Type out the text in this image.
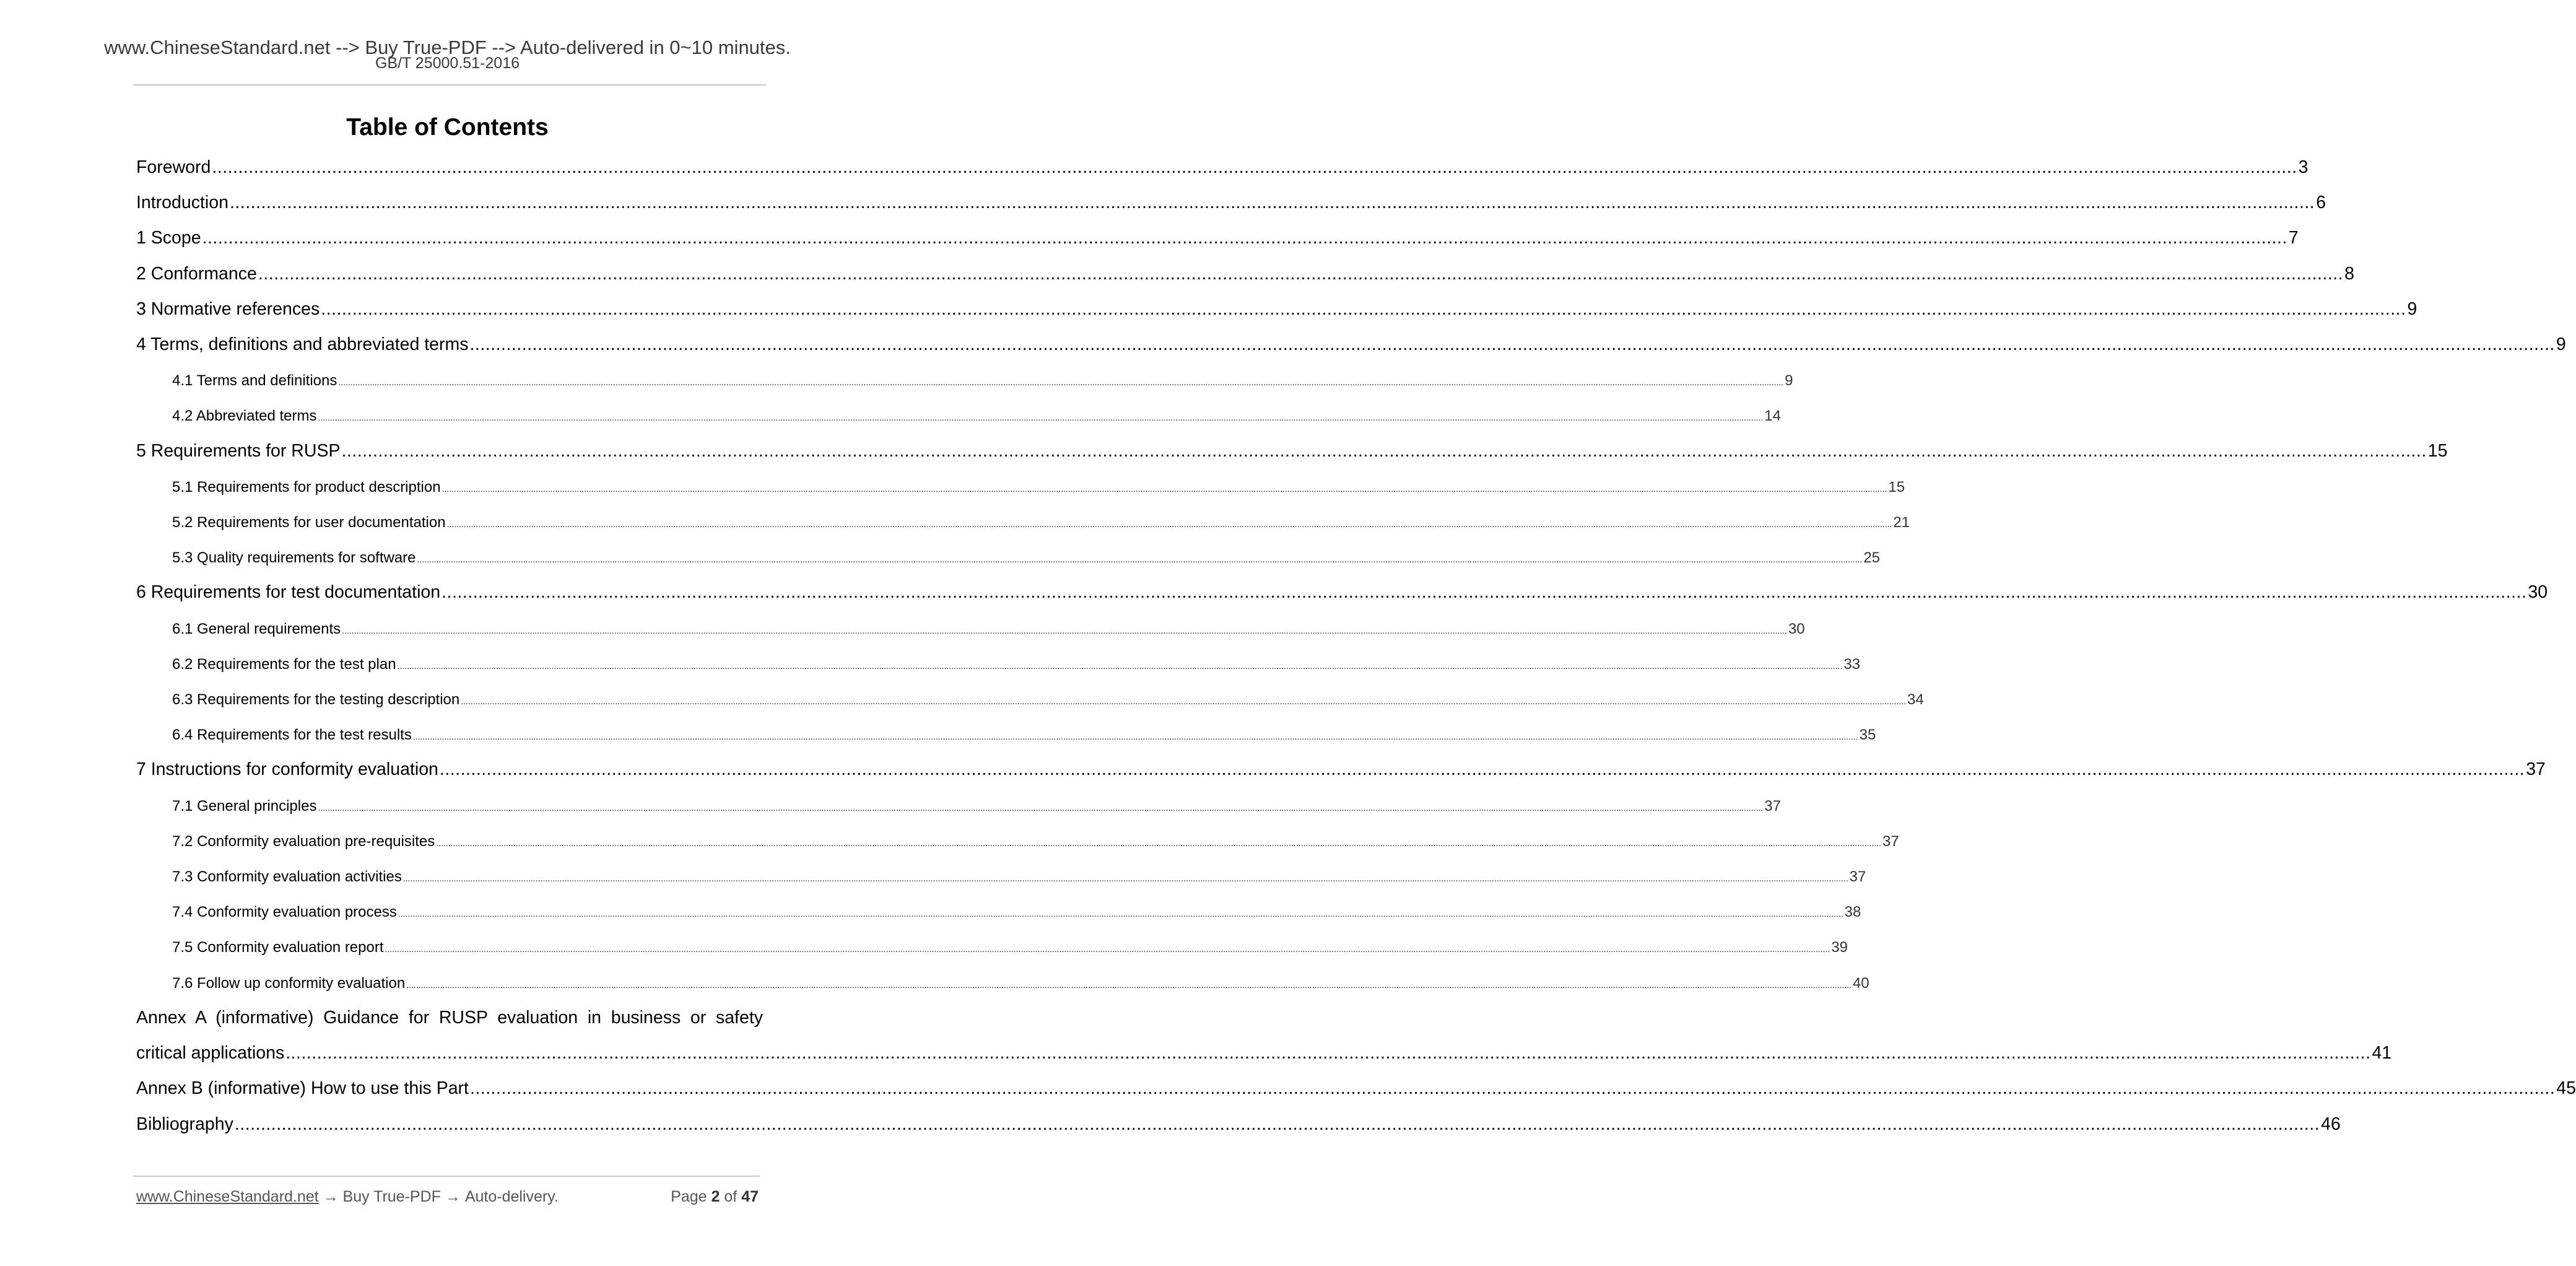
www.ChineseStandard.net --> Buy True-PDF --> Auto-delivered in 0~10 minutes.
GB/T 25000.51-2016
Table of Contents
Foreword ................................................................................................................................................................................................................................................................................................................................................................................................................ 3
Introduction ................................................................................................................................................................................................................................................................................................................................................................................................................ 6
1 Scope ................................................................................................................................................................................................................................................................................................................................................................................................................ 7
2 Conformance ................................................................................................................................................................................................................................................................................................................................................................................................................ 8
3 Normative references ................................................................................................................................................................................................................................................................................................................................................................................................................ 9
4 Terms, definitions and abbreviated terms ................................................................................................................................................................................................................................................................................................................................................................................................................ 9
4.1 Terms and definitions ........................................................................................................................................................................................................................................................................................................................................................................................................................................................................................................................................................................................................................ 9
4.2 Abbreviated terms ........................................................................................................................................................................................................................................................................................................................................................................................................................................................................................................................................................................................................................ 14
5 Requirements for RUSP ................................................................................................................................................................................................................................................................................................................................................................................................................ 15
5.1 Requirements for product description ........................................................................................................................................................................................................................................................................................................................................................................................................................................................................................................................................................................................................................ 15
5.2 Requirements for user documentation ........................................................................................................................................................................................................................................................................................................................................................................................................................................................................................................................................................................................................................ 21
5.3 Quality requirements for software ........................................................................................................................................................................................................................................................................................................................................................................................................................................................................................................................................................................................................................ 25
6 Requirements for test documentation ................................................................................................................................................................................................................................................................................................................................................................................................................ 30
6.1 General requirements ........................................................................................................................................................................................................................................................................................................................................................................................................................................................................................................................................................................................................................ 30
6.2 Requirements for the test plan ........................................................................................................................................................................................................................................................................................................................................................................................................................................................................................................................................................................................................................ 33
6.3 Requirements for the testing description ........................................................................................................................................................................................................................................................................................................................................................................................................................................................................................................................................................................................................................ 34
6.4 Requirements for the test results ........................................................................................................................................................................................................................................................................................................................................................................................................................................................................................................................................................................................................................ 35
7 Instructions for conformity evaluation ................................................................................................................................................................................................................................................................................................................................................................................................................ 37
7.1 General principles ........................................................................................................................................................................................................................................................................................................................................................................................................................................................................................................................................................................................................................ 37
7.2 Conformity evaluation pre-requisites ........................................................................................................................................................................................................................................................................................................................................................................................................................................................................................................................................................................................................................ 37
7.3 Conformity evaluation activities ........................................................................................................................................................................................................................................................................................................................................................................................................................................................................................................................................................................................................................ 37
7.4 Conformity evaluation process ........................................................................................................................................................................................................................................................................................................................................................................................................................................................................................................................................................................................................................ 38
7.5 Conformity evaluation report ........................................................................................................................................................................................................................................................................................................................................................................................................................................................................................................................................................................................................................ 39
7.6 Follow up conformity evaluation ........................................................................................................................................................................................................................................................................................................................................................................................................................................................................................................................................................................................................................ 40
Annex A (informative) Guidance for RUSP evaluation in business or safety
critical applications ................................................................................................................................................................................................................................................................................................................................................................................................................ 41
Annex B (informative) How to use this Part ................................................................................................................................................................................................................................................................................................................................................................................................................ 45
Bibliography ................................................................................................................................................................................................................................................................................................................................................................................................................ 46
www.ChineseStandard.net
→
Buy True-PDF
→
Auto-delivery.	Page 2 of 47
